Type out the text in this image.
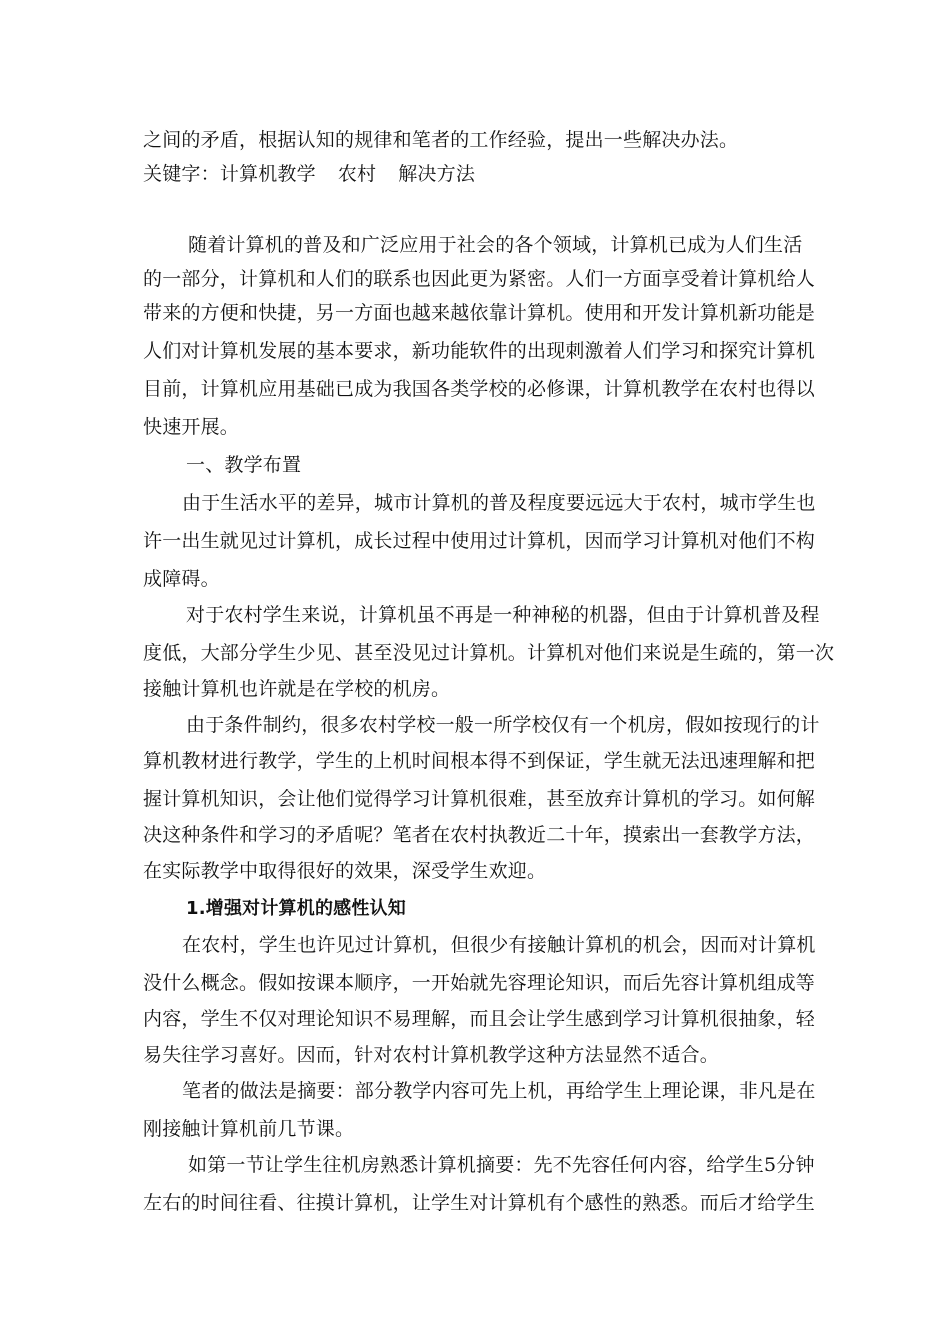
之间的矛盾，根据认知的规律和笔者的工作经验，提出一些解决办法。
关键字：计算机教学 农村 解决方法
随着计算机的普及和广泛应用于社会的各个领域，计算机已成为人们生活
的一部分，计算机和人们的联系也因此更为紧密。人们一方面享受着计算机给人
带来的方便和快捷，另一方面也越来越依靠计算机。使用和开发计算机新功能是
人们对计算机发展的基本要求，新功能软件的出现刺激着人们学习和探究计算机
目前，计算机应用基础已成为我国各类学校的必修课，计算机教学在农村也得以
快速开展。
一、教学布置
由于生活水平的差异，城市计算机的普及程度要远远大于农村，城市学生也
许一出生就见过计算机，成长过程中使用过计算机，因而学习计算机对他们不构
成障碍。
对于农村学生来说，计算机虽不再是一种神秘的机器，但由于计算机普及程
度低，大部分学生少见、甚至没见过计算机。计算机对他们来说是生疏的，第一次
接触计算机也许就是在学校的机房。
由于条件制约，很多农村学校一般一所学校仅有一个机房，假如按现行的计
算机教材进行教学，学生的上机时间根本得不到保证，学生就无法迅速理解和把
握计算机知识，会让他们觉得学习计算机很难，甚至放弃计算机的学习。如何解
决这种条件和学习的矛盾呢？笔者在农村执教近二十年，摸索出一套教学方法，
在实际教学中取得很好的效果，深受学生欢迎。
1.增强对计算机的感性认知
在农村，学生也许见过计算机，但很少有接触计算机的机会，因而对计算机
没什么概念。假如按课本顺序，一开始就先容理论知识，而后先容计算机组成等
内容，学生不仅对理论知识不易理解，而且会让学生感到学习计算机很抽象，轻
易失往学习喜好。因而，针对农村计算机教学这种方法显然不适合。
笔者的做法是摘要：部分教学内容可先上机，再给学生上理论课，非凡是在
刚接触计算机前几节课。
如第一节让学生往机房熟悉计算机摘要：先不先容任何内容，给学生5分钟
左右的时间往看、往摸计算机，让学生对计算机有个感性的熟悉。而后才给学生
